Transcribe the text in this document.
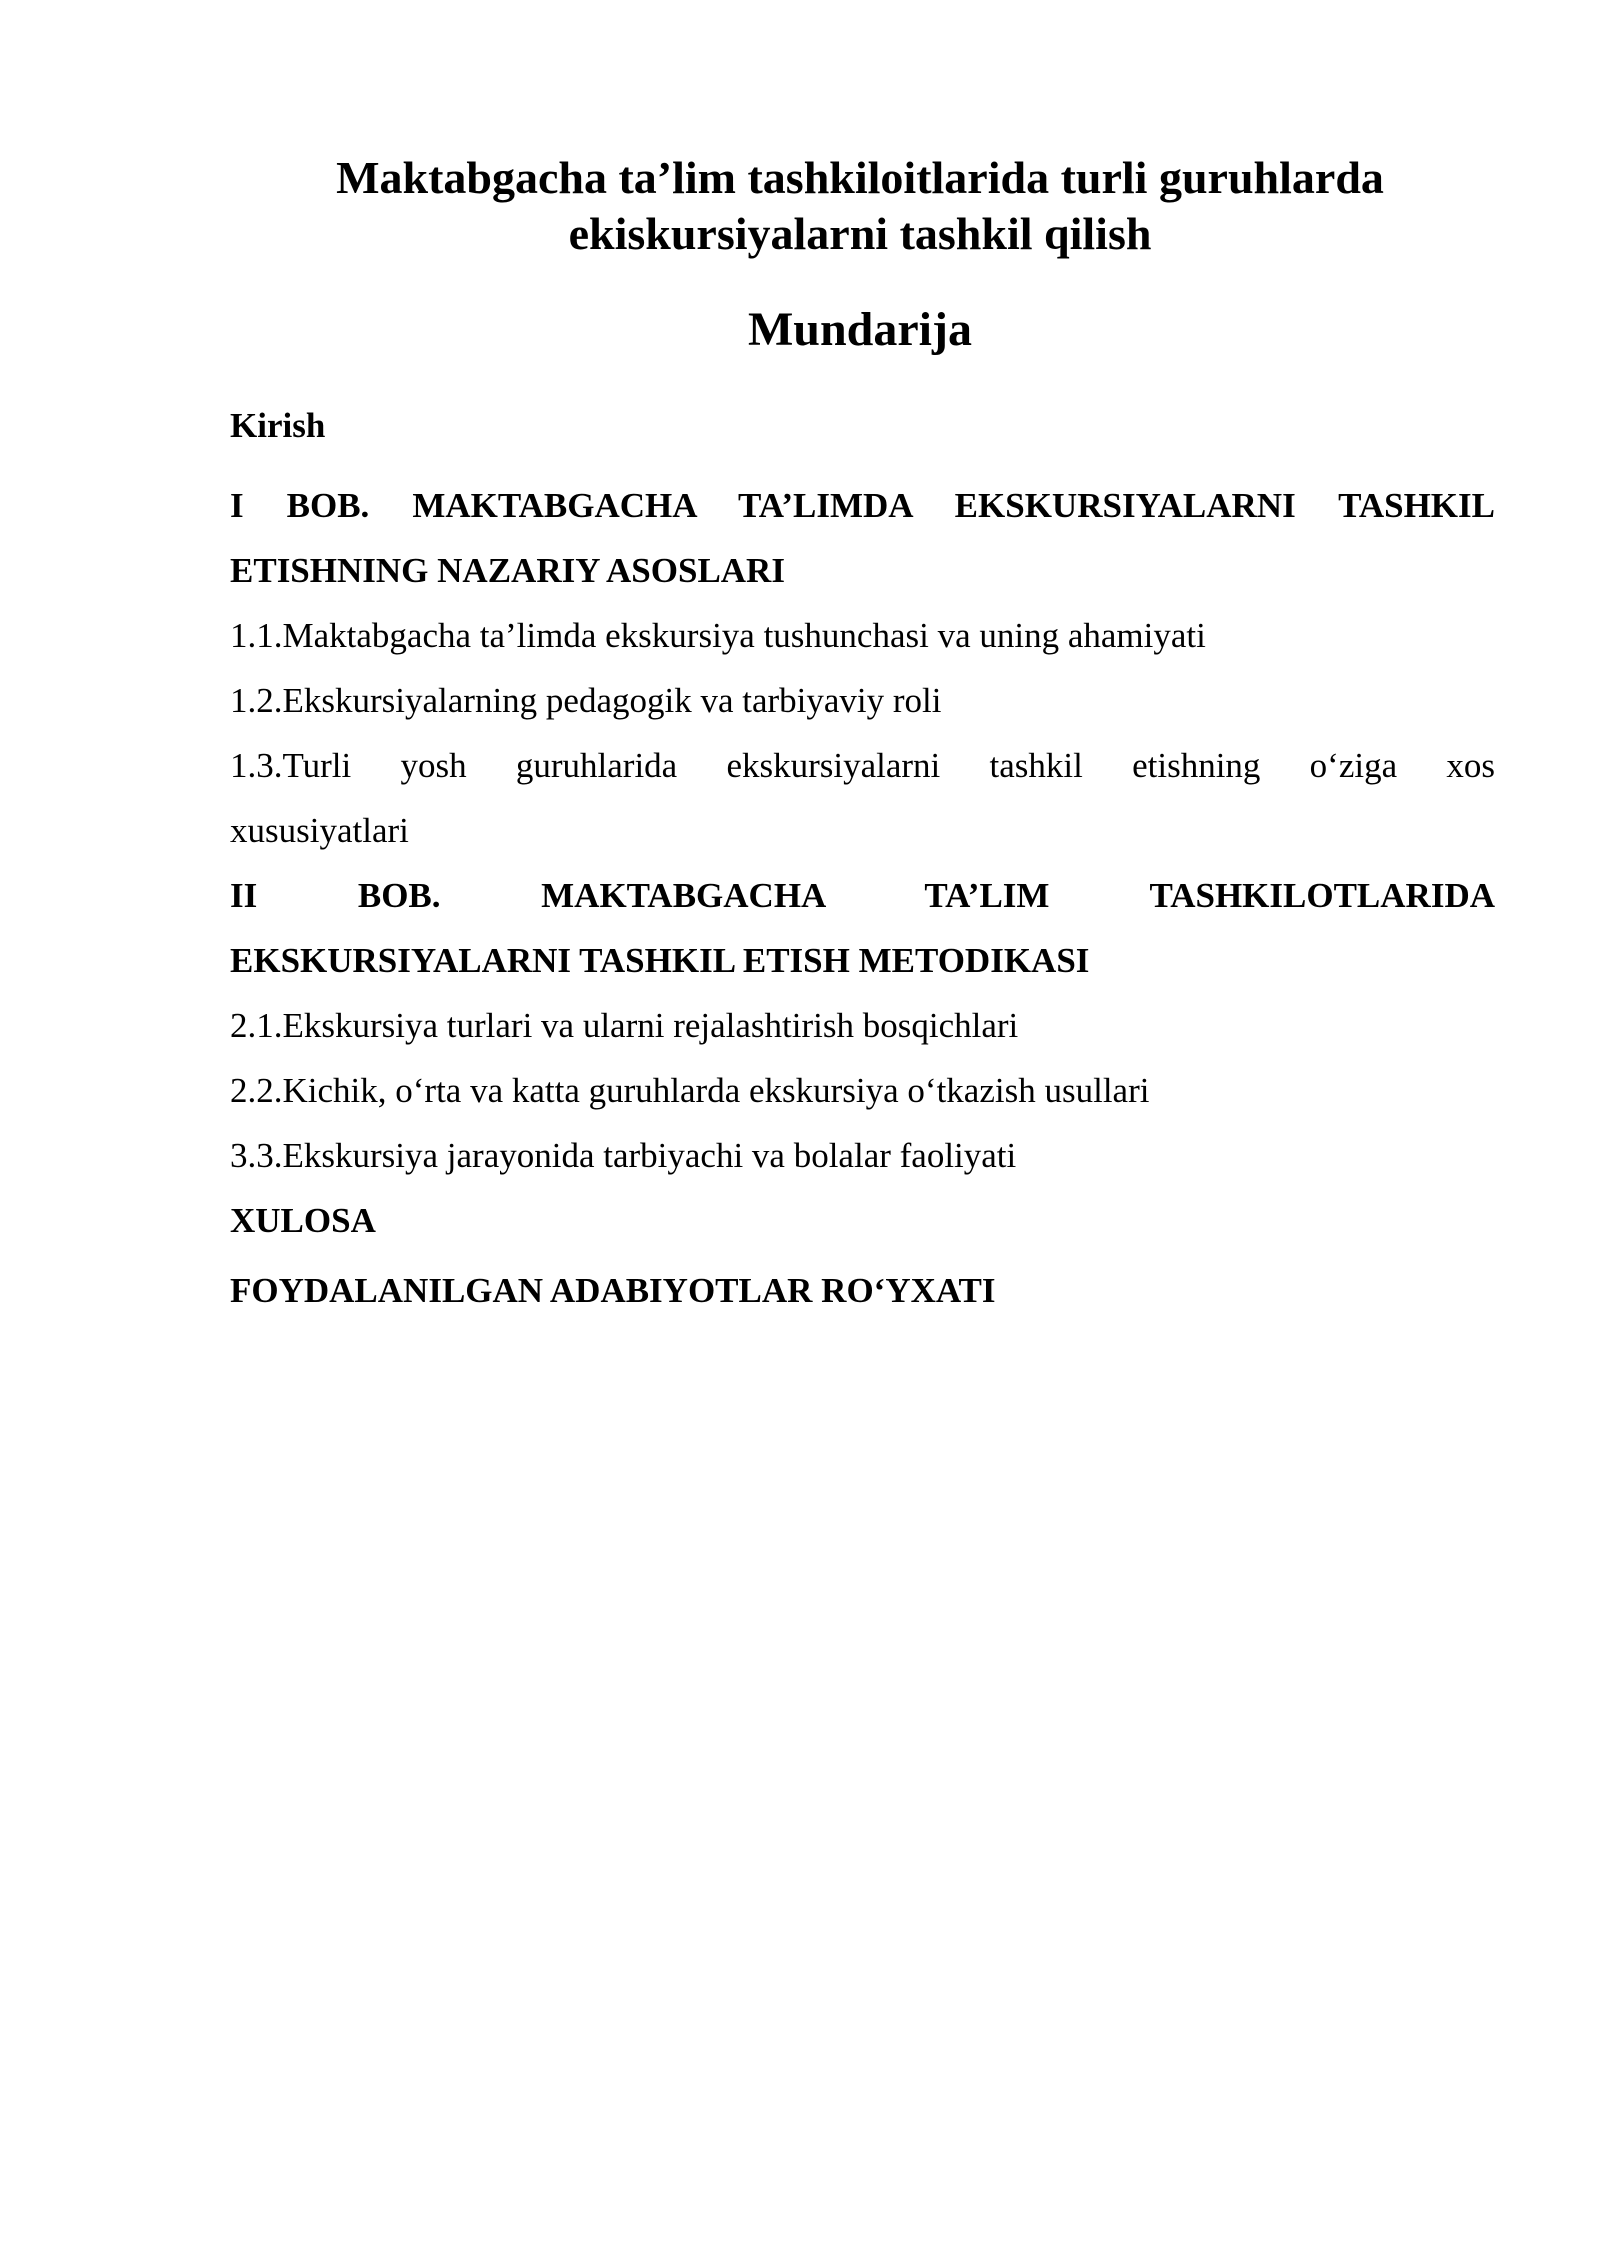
Maktabgacha ta’lim tashkiloitlarida turli guruhlarda
ekiskursiyalarni tashkil qilish
Mundarija
Kirish
I BOB. MAKTABGACHA TA’LIMDA EKSKURSIYALARNI TASHKIL
ETISHNING NAZARIY ASOSLARI
1.1.Maktabgacha ta’limda ekskursiya tushunchasi va uning ahamiyati
1.2.Ekskursiyalarning pedagogik va tarbiyaviy roli
1.3.Turli yosh guruhlarida ekskursiyalarni tashkil etishning o‘ziga xos
xususiyatlari
II BOB. MAKTABGACHA TA’LIM TASHKILOTLARIDA
EKSKURSIYALARNI TASHKIL ETISH METODIKASI
2.1.Ekskursiya turlari va ularni rejalashtirish bosqichlari
2.2.Kichik, o‘rta va katta guruhlarda ekskursiya o‘tkazish usullari
3.3.Ekskursiya jarayonida tarbiyachi va bolalar faoliyati
XULOSA
FOYDALANILGAN ADABIYOTLAR RO‘YXATI
